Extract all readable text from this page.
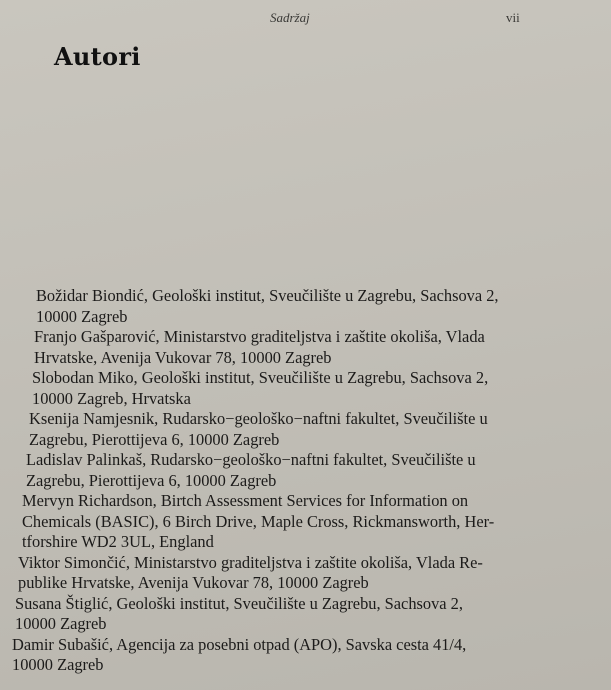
Sadržaj	vii
Autori
Božidar Biondić, Geološki institut, Sveučilište u Zagrebu, Sachsova 2,
10000 Zagreb
Franjo Gašparović, Ministarstvo graditeljstva i zaštite okoliša, Vlada
Hrvatske, Avenija Vukovar 78, 10000 Zagreb
Slobodan Miko, Geološki institut, Sveučilište u Zagrebu, Sachsova 2,
10000 Zagreb, Hrvatska
Ksenija Namjesnik, Rudarsko−geološko−naftni fakultet, Sveučilište u
Zagrebu, Pierottijeva 6, 10000 Zagreb
Ladislav Palinkaš, Rudarsko−geološko−naftni fakultet, Sveučilište u
Zagrebu, Pierottijeva 6, 10000 Zagreb
Mervyn Richardson, Birtch Assessment Services for Information on
Chemicals (BASIC), 6 Birch Drive, Maple Cross, Rickmansworth, Her-
tforshire WD2 3UL, England
Viktor Simončić, Ministarstvo graditeljstva i zaštite okoliša, Vlada Re-
publike Hrvatske, Avenija Vukovar 78, 10000 Zagreb
Susana Štiglić, Geološki institut, Sveučilište u Zagrebu, Sachsova 2,
10000 Zagreb
Damir Subašić, Agencija za posebni otpad (APO), Savska cesta 41/4,
10000 Zagreb
